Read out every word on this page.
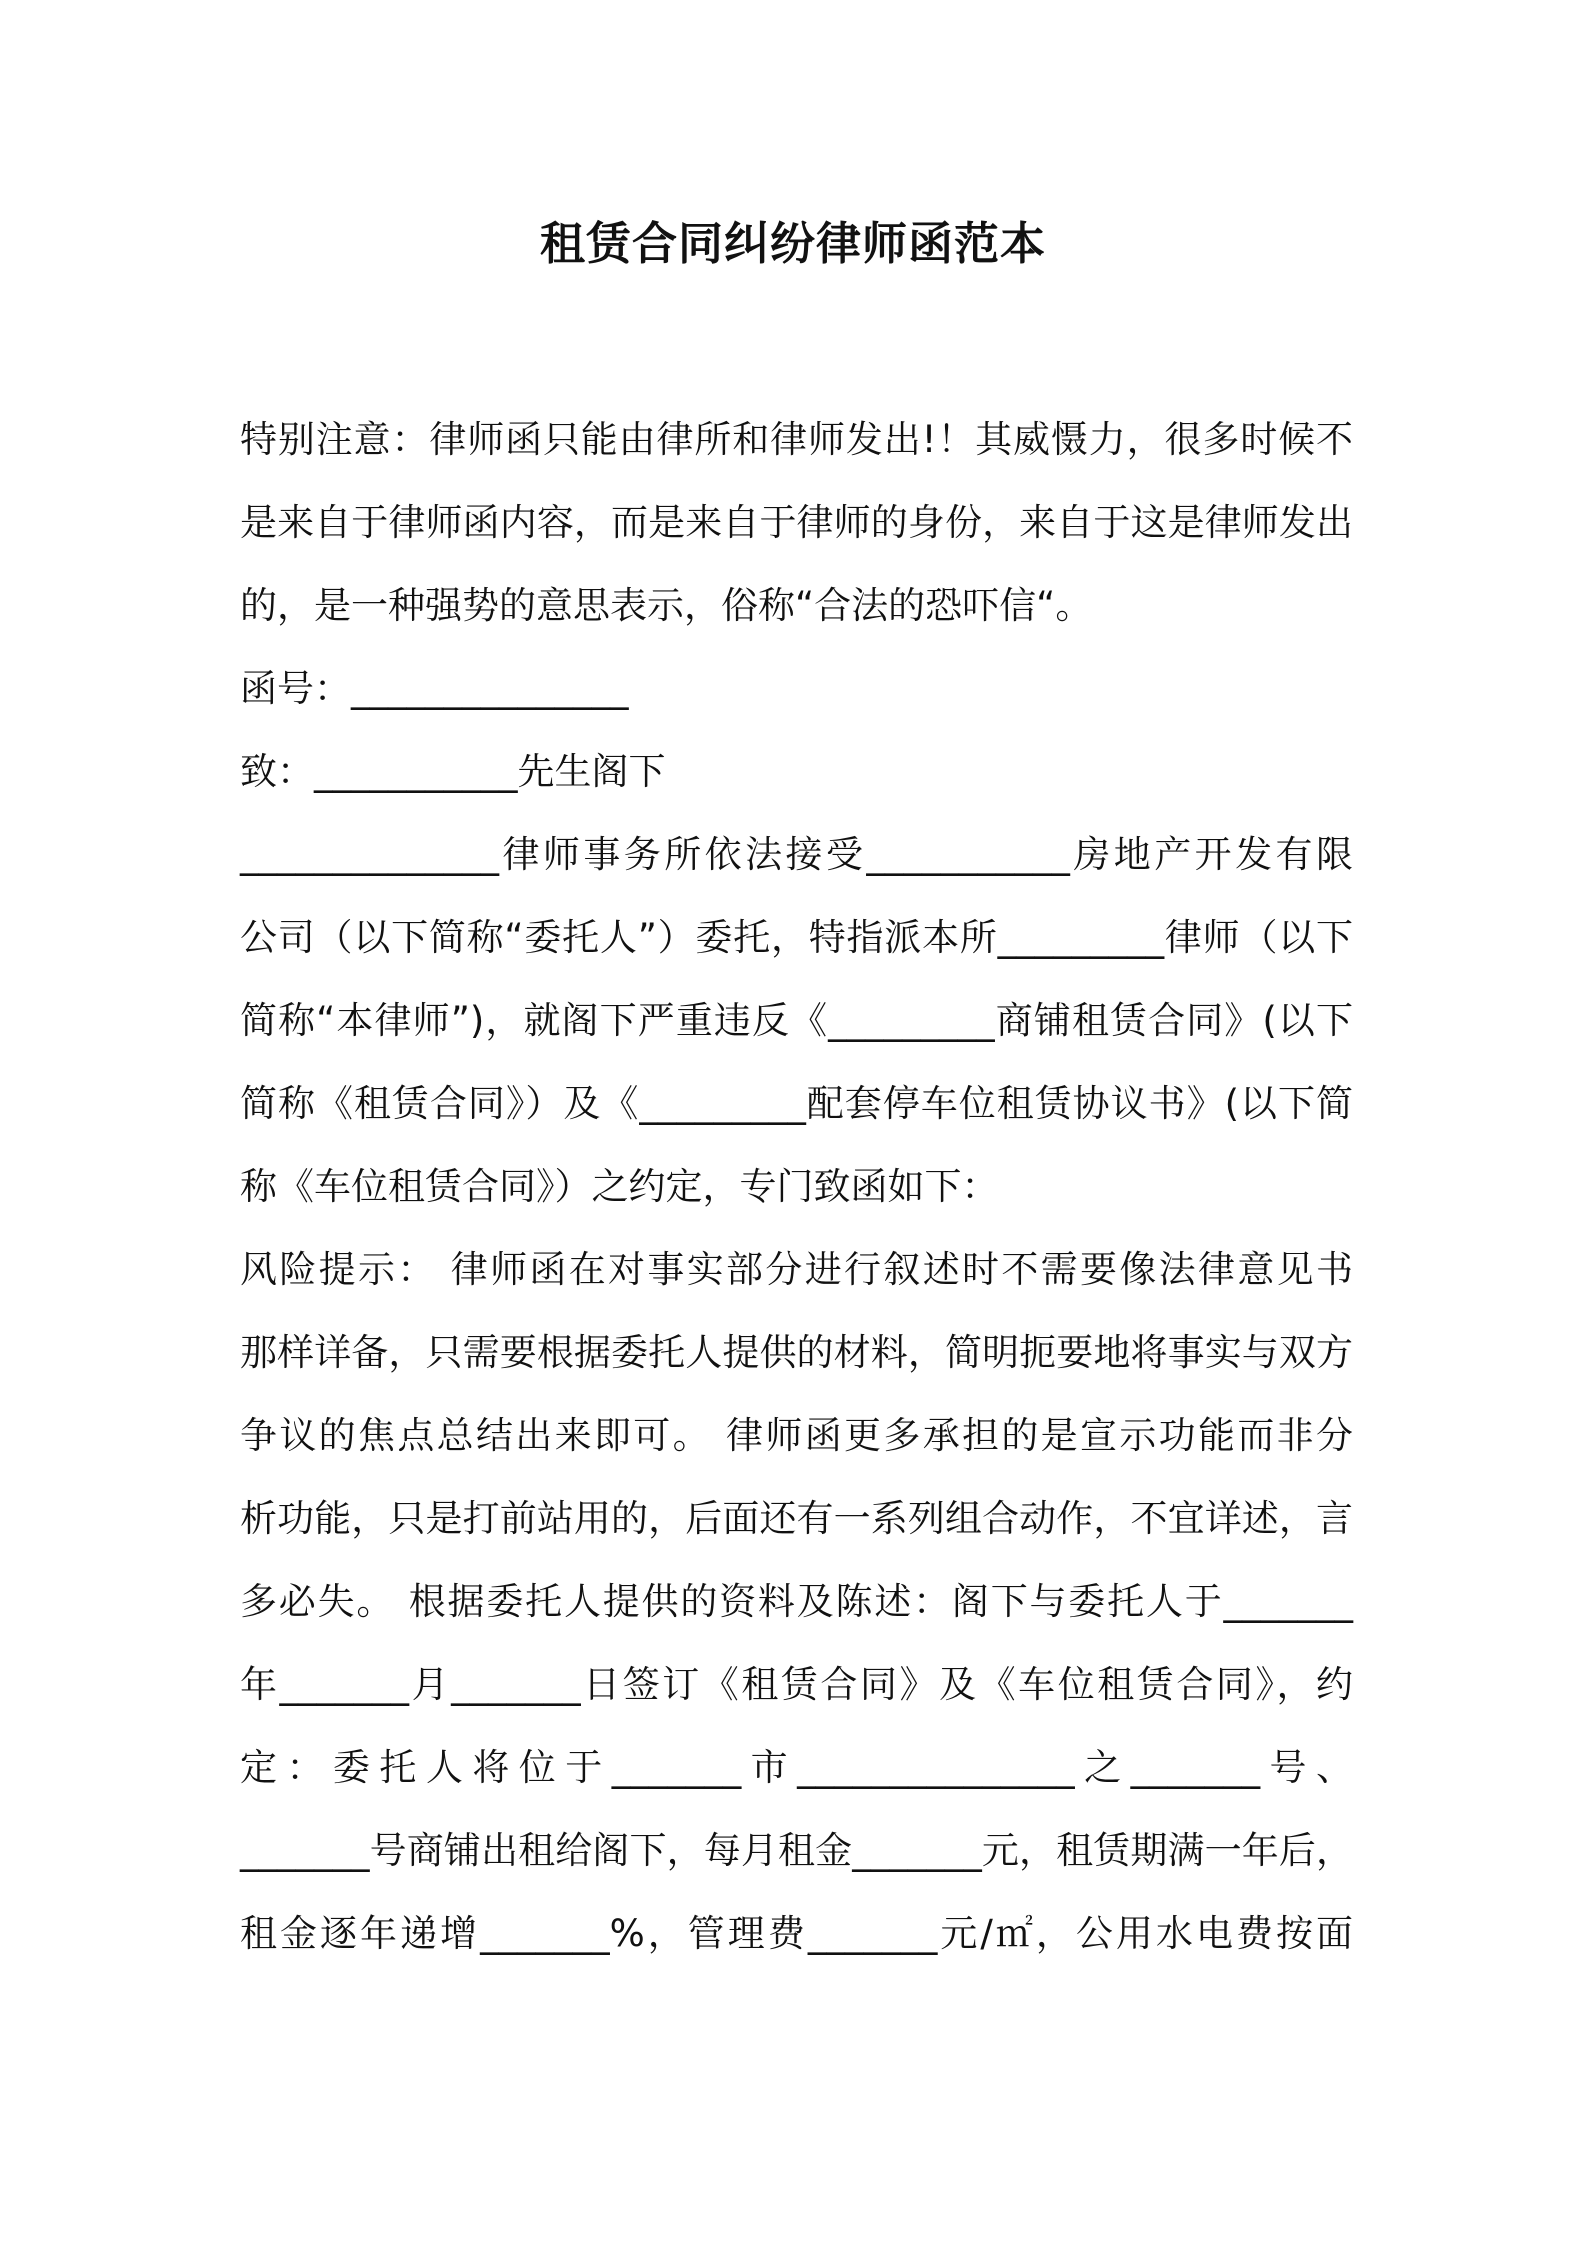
租赁合同纠纷律师函范本
特别注意：律师函只能由律所和律师发出!！其威慑力，很多时候不
是来自于律师函内容，而是来自于律师的身份，来自于这是律师发出
的，是一种强势的意思表示，俗称“合法的恐吓信“。
函号：_______________
致：___________先生阁下
______________律师事务所依法接受___________房地产开发有限
公司（以下简称“委托人”）委托，特指派本所_________律师（以下
简称“本律师”)，就阁下严重违反《_________商铺租赁合同》(以下
简称《租赁合同》）及《_________配套停车位租赁协议书》(以下简
称《车位租赁合同》）之约定，专门致函如下：
风险提示： 律师函在对事实部分进行叙述时不需要像法律意见书
那样详备，只需要根据委托人提供的材料，简明扼要地将事实与双方
争议的焦点总结出来即可。 律师函更多承担的是宣示功能而非分
析功能，只是打前站用的，后面还有一系列组合动作，不宜详述，言
多必失。 根据委托人提供的资料及陈述：阁下与委托人于_______
年_______月_______日签订《租赁合同》及《车位租赁合同》，约
定：委托人将位于_______市_______________之_______号、
_______号商铺出租给阁下，每月租金_______元，租赁期满一年后，
租金逐年递增_______%，管理费_______元/㎡，公用水电费按面
